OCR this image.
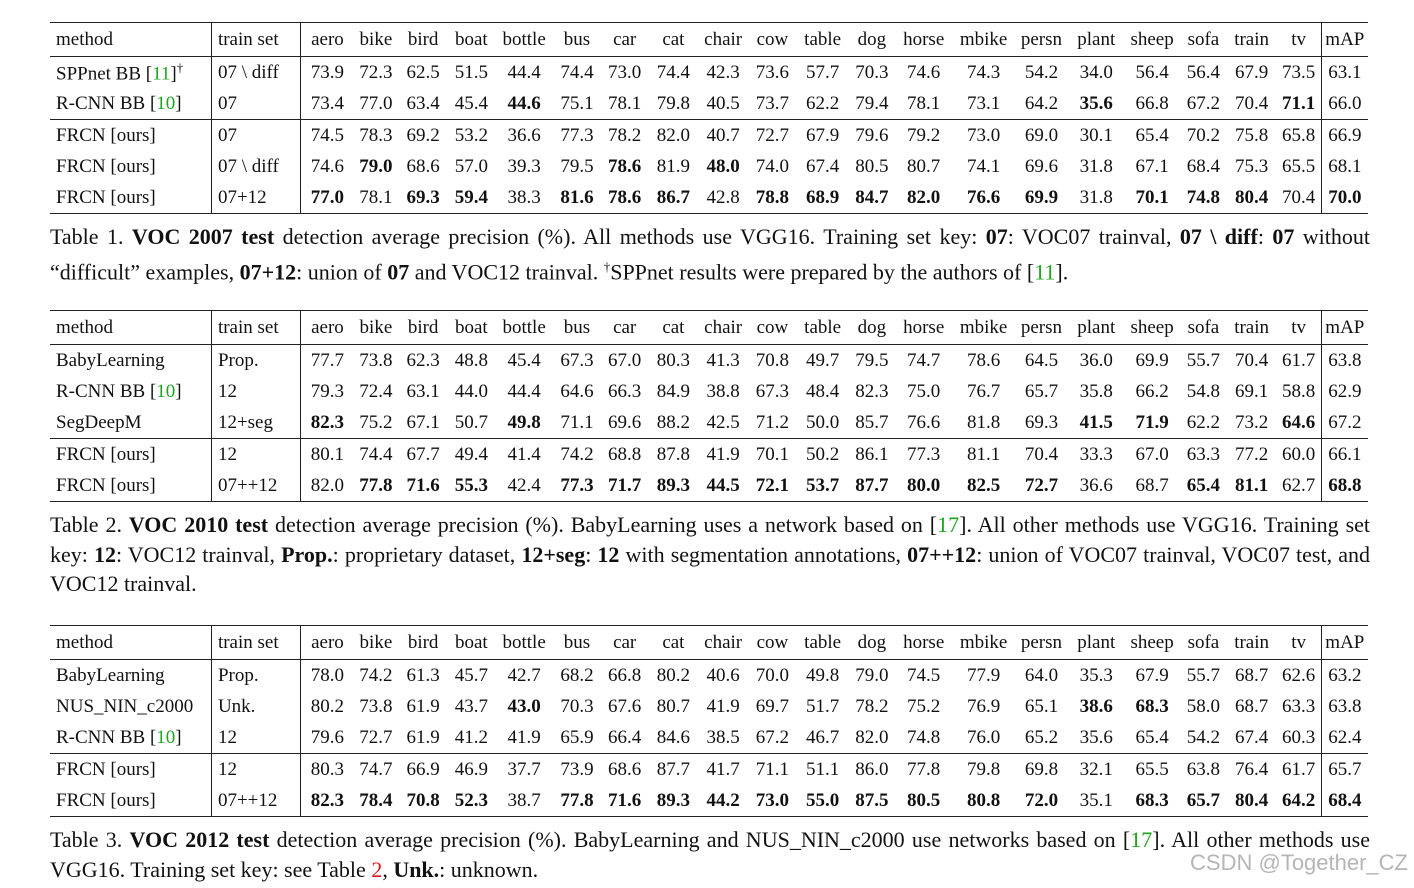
method	train set	aero	bike	bird	boat	bottle	bus	car	cat	chair	cow	table	dog	horse	mbike	persn	plant	sheep	sofa	train	tv	mAP
SPPnet BB [11]†	07 \ diff	73.9	72.3	62.5	51.5	44.4	74.4	73.0	74.4	42.3	73.6	57.7	70.3	74.6	74.3	54.2	34.0	56.4	56.4	67.9	73.5	63.1
R-CNN BB [10]	07	73.4	77.0	63.4	45.4	44.6	75.1	78.1	79.8	40.5	73.7	62.2	79.4	78.1	73.1	64.2	35.6	66.8	67.2	70.4	71.1	66.0
FRCN [ours]	07	74.5	78.3	69.2	53.2	36.6	77.3	78.2	82.0	40.7	72.7	67.9	79.6	79.2	73.0	69.0	30.1	65.4	70.2	75.8	65.8	66.9
FRCN [ours]	07 \ diff	74.6	79.0	68.6	57.0	39.3	79.5	78.6	81.9	48.0	74.0	67.4	80.5	80.7	74.1	69.6	31.8	67.1	68.4	75.3	65.5	68.1
FRCN [ours]	07+12	77.0	78.1	69.3	59.4	38.3	81.6	78.6	86.7	42.8	78.8	68.9	84.7	82.0	76.6	69.9	31.8	70.1	74.8	80.4	70.4	70.0
Table 1. VOC 2007 test detection average precision (%). All methods use VGG16. Training set key: 07: VOC07 trainval, 07 \ diff: 07 without “difficult” examples, 07+12: union of 07 and VOC12 trainval. †SPPnet results were prepared by the authors of [11].
method	train set	aero	bike	bird	boat	bottle	bus	car	cat	chair	cow	table	dog	horse	mbike	persn	plant	sheep	sofa	train	tv	mAP
BabyLearning	Prop.	77.7	73.8	62.3	48.8	45.4	67.3	67.0	80.3	41.3	70.8	49.7	79.5	74.7	78.6	64.5	36.0	69.9	55.7	70.4	61.7	63.8
R-CNN BB [10]	12	79.3	72.4	63.1	44.0	44.4	64.6	66.3	84.9	38.8	67.3	48.4	82.3	75.0	76.7	65.7	35.8	66.2	54.8	69.1	58.8	62.9
SegDeepM	12+seg	82.3	75.2	67.1	50.7	49.8	71.1	69.6	88.2	42.5	71.2	50.0	85.7	76.6	81.8	69.3	41.5	71.9	62.2	73.2	64.6	67.2
FRCN [ours]	12	80.1	74.4	67.7	49.4	41.4	74.2	68.8	87.8	41.9	70.1	50.2	86.1	77.3	81.1	70.4	33.3	67.0	63.3	77.2	60.0	66.1
FRCN [ours]	07++12	82.0	77.8	71.6	55.3	42.4	77.3	71.7	89.3	44.5	72.1	53.7	87.7	80.0	82.5	72.7	36.6	68.7	65.4	81.1	62.7	68.8
Table 2. VOC 2010 test detection average precision (%). BabyLearning uses a network based on [17]. All other methods use VGG16. Training set key: 12: VOC12 trainval, Prop.: proprietary dataset, 12+seg: 12 with segmentation annotations, 07++12: union of VOC07 trainval, VOC07 test, and VOC12 trainval.
method	train set	aero	bike	bird	boat	bottle	bus	car	cat	chair	cow	table	dog	horse	mbike	persn	plant	sheep	sofa	train	tv	mAP
BabyLearning	Prop.	78.0	74.2	61.3	45.7	42.7	68.2	66.8	80.2	40.6	70.0	49.8	79.0	74.5	77.9	64.0	35.3	67.9	55.7	68.7	62.6	63.2
NUS_NIN_c2000	Unk.	80.2	73.8	61.9	43.7	43.0	70.3	67.6	80.7	41.9	69.7	51.7	78.2	75.2	76.9	65.1	38.6	68.3	58.0	68.7	63.3	63.8
R-CNN BB [10]	12	79.6	72.7	61.9	41.2	41.9	65.9	66.4	84.6	38.5	67.2	46.7	82.0	74.8	76.0	65.2	35.6	65.4	54.2	67.4	60.3	62.4
FRCN [ours]	12	80.3	74.7	66.9	46.9	37.7	73.9	68.6	87.7	41.7	71.1	51.1	86.0	77.8	79.8	69.8	32.1	65.5	63.8	76.4	61.7	65.7
FRCN [ours]	07++12	82.3	78.4	70.8	52.3	38.7	77.8	71.6	89.3	44.2	73.0	55.0	87.5	80.5	80.8	72.0	35.1	68.3	65.7	80.4	64.2	68.4
Table 3. VOC 2012 test detection average precision (%). BabyLearning and NUS_NIN_c2000 use networks based on [17]. All other methods use VGG16. Training set key: see Table 2, Unk.: unknown.	CSDN @Together_CZ
